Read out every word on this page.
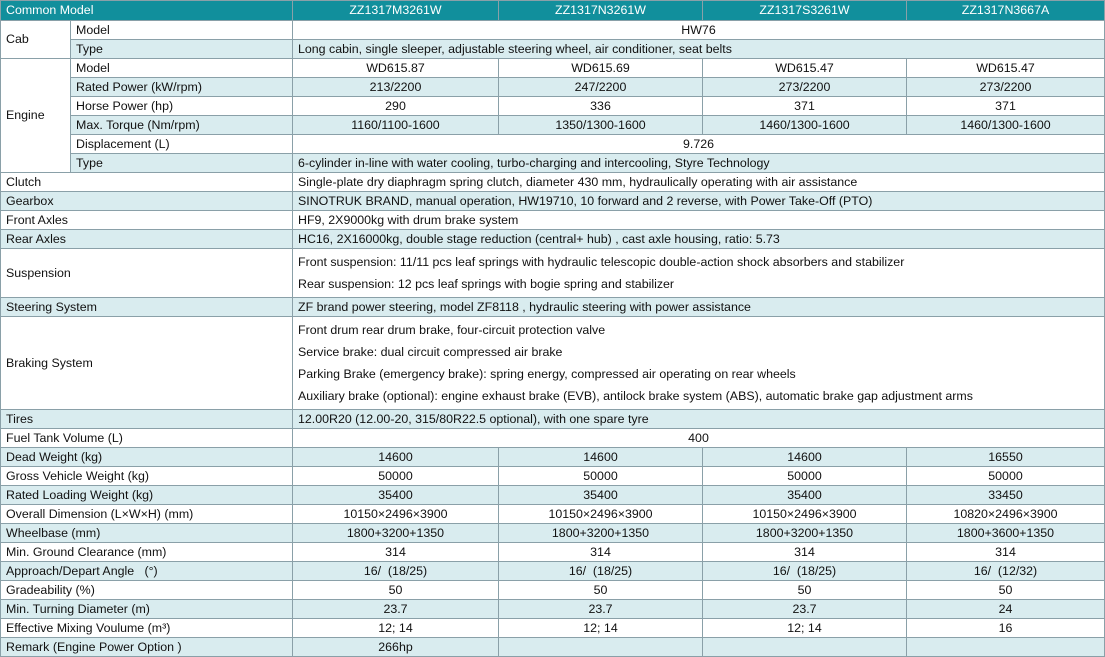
Common Model		ZZ1317M3261W	ZZ1317N3261W	ZZ1317S3261W	ZZ1317N3667A
Cab	Model	HW76			
	Type	Long cabin, single sleeper, adjustable steering wheel, air conditioner, seat belts			
Engine	Model	WD615.87	WD615.69	WD615.47	WD615.47
	Rated Power (kW/rpm)	213/2200	247/2200	273/2200	273/2200
	Horse Power (hp)	290	336	371	371
	Max. Torque (Nm/rpm)	1160/1100-1600	1350/1300-1600	1460/1300-1600	1460/1300-1600
	Displacement (L)	9.726			
	Type	6-cylinder in-line with water cooling, turbo-charging and intercooling, Styre Technology			
Clutch		Single-plate dry diaphragm spring clutch, diameter 430 mm, hydraulically operating with air assistance			
Gearbox		SINOTRUK BRAND, manual operation, HW19710, 10 forward and 2 reverse, with Power Take-Off (PTO)			
Front Axles		HF9, 2X9000kg with drum brake system			
Rear Axles		HC16, 2X16000kg, double stage reduction (central+ hub) , cast axle housing, ratio: 5.73			
Suspension		Front suspension: 11/11 pcs leaf springs with hydraulic telescopic double-action shock absorbers and stabilizer
Rear suspension: 12 pcs leaf springs with bogie spring and stabilizer			

Steering System		ZF brand power steering, model ZF8118 , hydraulic steering with power assistance			
Braking System		Front drum rear drum brake, four-circuit protection valve
Service brake: dual circuit compressed air brake
Parking Brake (emergency brake): spring energy, compressed air operating on rear wheels
Auxiliary brake (optional): engine exhaust brake (EVB), antilock brake system (ABS), automatic brake gap adjustment arms			

Tires		12.00R20 (12.00-20, 315/80R22.5 optional), with one spare tyre			
Fuel Tank Volume (L)		400			
Dead Weight (kg)		14600	14600	14600	16550
Gross Vehicle Weight (kg)		50000	50000	50000	50000
Rated Loading Weight (kg)		35400	35400	35400	33450
Overall Dimension (L×W×H) (mm)		10150×2496×3900	10150×2496×3900	10150×2496×3900	10820×2496×3900
Wheelbase (mm)		1800+3200+1350	1800+3200+1350	1800+3200+1350	1800+3600+1350
Min. Ground Clearance (mm)		314	314	314	314
Approach/Depart Angle   (°)		16/  (18/25)	16/  (18/25)	16/  (18/25)	16/  (12/32)
Gradeability (%)		50	50	50	50
Min. Turning Diameter (m)		23.7	23.7	23.7	24
Effective Mixing Voulume (m³)		12; 14	12; 14	12; 14	16
Remark (Engine Power Option )		266hp			
